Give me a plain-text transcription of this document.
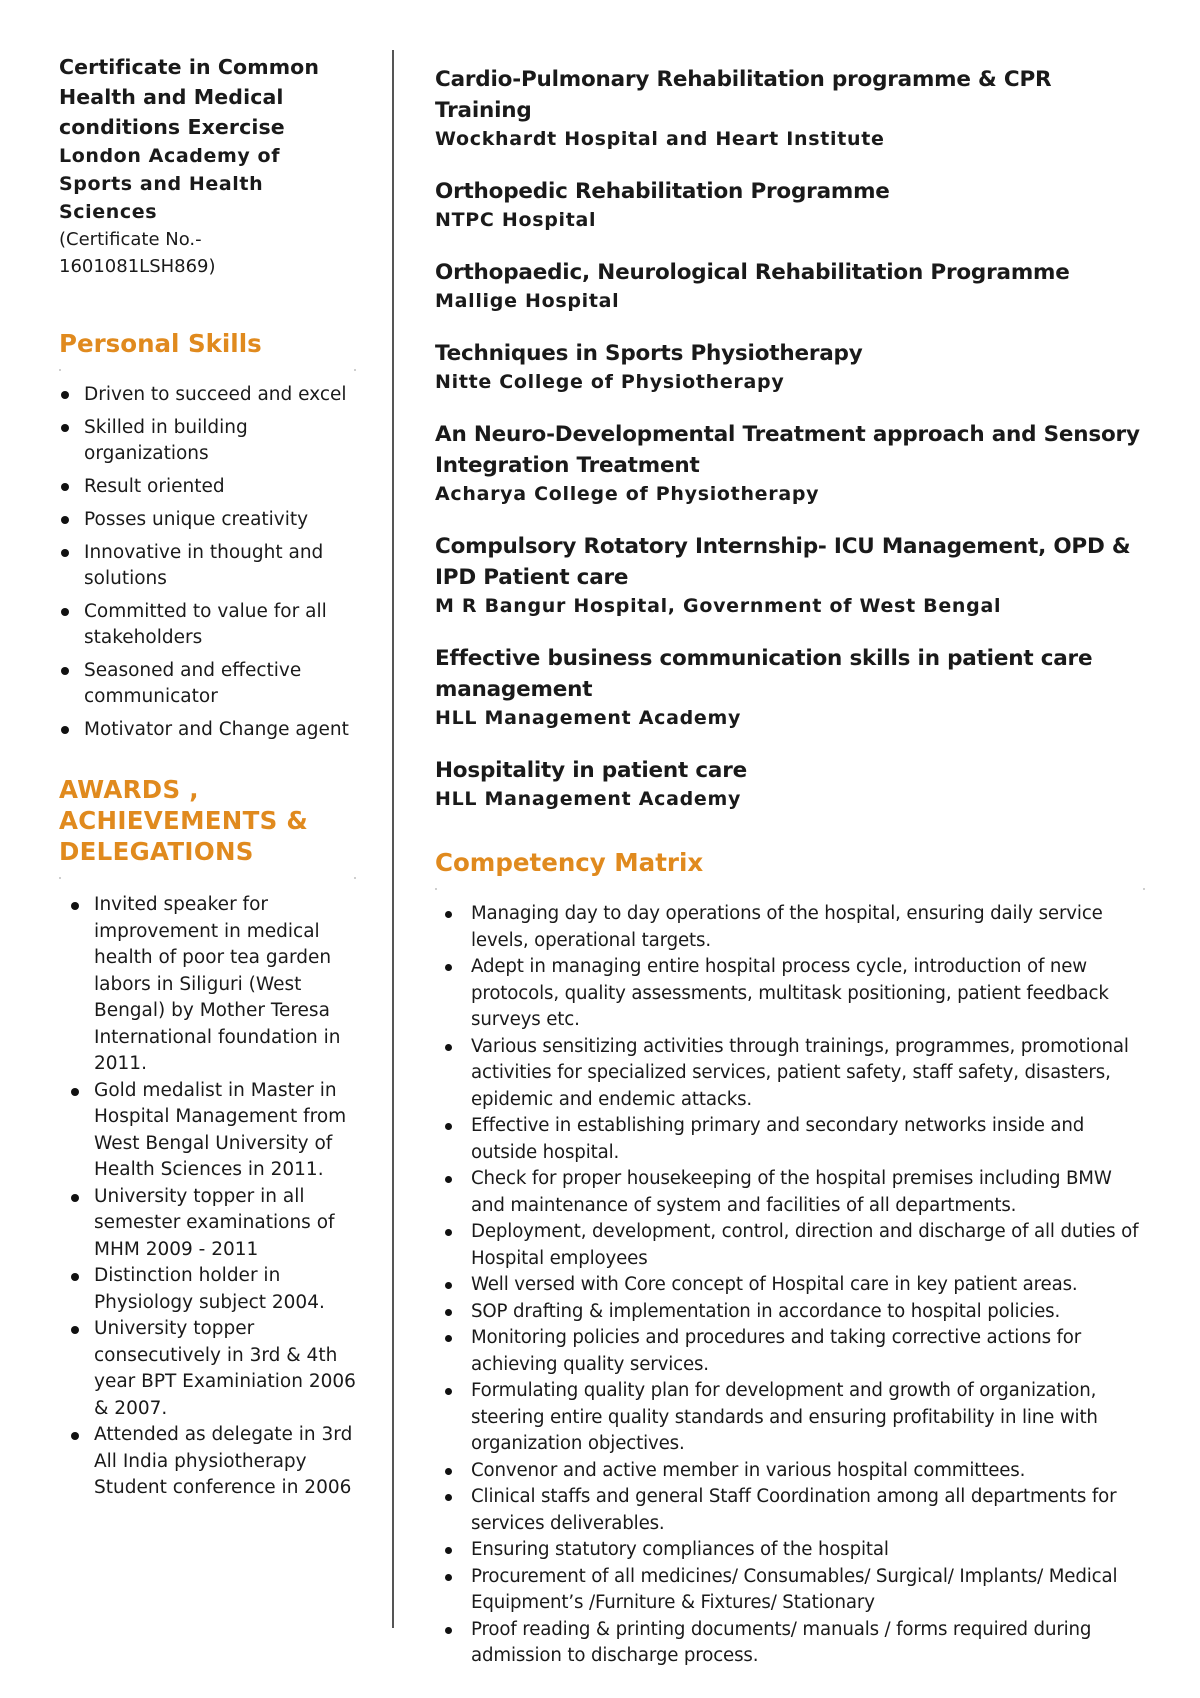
Certificate in Common Health and Medical conditions Exercise
London Academy of Sports and Health Sciences
(Certificate No.- 1601081LSH869)
Personal Skills
Driven to succeed and excel
Skilled in building organizations
Result oriented
Posses unique creativity
Innovative in thought and solutions
Committed to value for all stakeholders
Seasoned and effective communicator
Motivator and Change agent
AWARDS , ACHIEVEMENTS & DELEGATIONS
Invited speaker for improvement in medical health of poor tea garden labors in Siliguri (West Bengal) by Mother Teresa International foundation in 2011.
Gold medalist in Master in Hospital Management from West Bengal University of Health Sciences in 2011.
University topper in all semester examinations of MHM 2009 - 2011
Distinction holder in Physiology subject 2004.
University topper consecutively in 3rd & 4th year BPT Examiniation 2006 & 2007.
Attended as delegate in 3rd All India physiotherapy Student conference in 2006
Cardio-Pulmonary Rehabilitation programme & CPR Training
Wockhardt Hospital and Heart Institute
Orthopedic Rehabilitation Programme
NTPC Hospital
Orthopaedic, Neurological Rehabilitation Programme
Mallige Hospital
Techniques in Sports Physiotherapy
Nitte College of Physiotherapy
An Neuro-Developmental Treatment approach and Sensory Integration Treatment
Acharya College of Physiotherapy
Compulsory Rotatory Internship- ICU Management, OPD & IPD Patient care
M R Bangur Hospital, Government of West Bengal
Effective business communication skills in patient care management
HLL Management Academy
Hospitality in patient care
HLL Management Academy
Competency Matrix
Managing day to day operations of the hospital, ensuring daily service levels, operational targets.
Adept in managing entire hospital process cycle, introduction of new protocols, quality assessments, multitask positioning, patient feedback surveys etc.
Various sensitizing activities through trainings, programmes, promotional activities for specialized services, patient safety, staff safety, disasters, epidemic and endemic attacks.
Effective in establishing primary and secondary networks inside and outside hospital.
Check for proper housekeeping of the hospital premises including BMW and maintenance of system and facilities of all departments.
Deployment, development, control, direction and discharge of all duties of Hospital employees
Well versed with Core concept of Hospital care in key patient areas.
SOP drafting & implementation in accordance to hospital policies.
Monitoring policies and procedures and taking corrective actions for achieving quality services.
Formulating quality plan for development and growth of organization, steering entire quality standards and ensuring profitability in line with organization objectives.
Convenor and active member in various hospital committees.
Clinical staffs and general Staff Coordination among all departments for services deliverables.
Ensuring statutory compliances of the hospital
Procurement of all medicines/ Consumables/ Surgical/ Implants/ Medical Equipment’s /Furniture & Fixtures/ Stationary
Proof reading & printing documents/ manuals / forms required during admission to discharge process.
